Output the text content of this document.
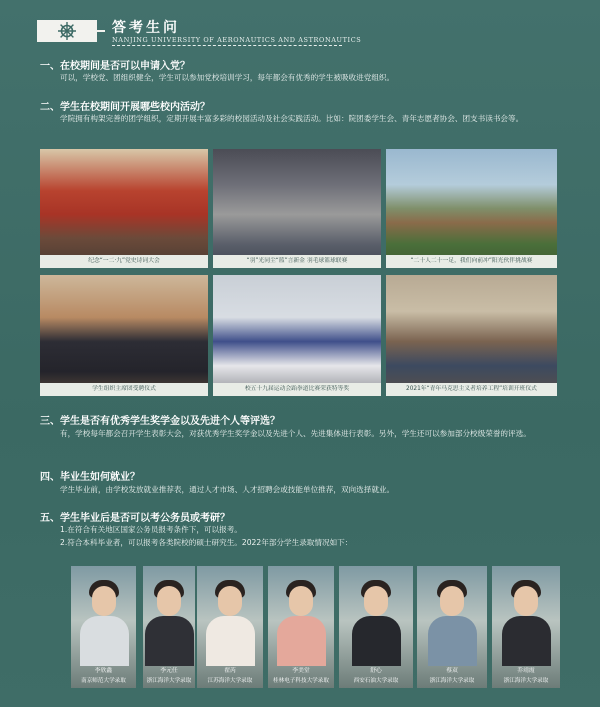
答考生问
NANJING UNIVERSITY OF AERONAUTICS AND ASTRONAUTICS
一、在校期间是否可以申请入党？
可以，学校党、团组织健全，学生可以参加党校培训学习，每年都会有优秀的学生被吸收进党组织。
二、学生在校期间开展哪些校内活动？
学院拥有构架完善的团学组织，定期开展丰富多彩的校园活动及社会实践活动。比如：院团委学生会、青年志愿者协会、团支书读书会等。
纪念“一二·九”党史诗词大会	“羽”光同尘“篮”言新金 羽毛球篮球联赛	“二十人二十一足，我们向前冲”阳光伙伴挑战赛
学生组织主席团受聘仪式	校五十九届运动会跆拳道比赛荣获特等奖	2021年“青年马克思主义者培养工程”培训开班仪式
三、学生是否有优秀学生奖学金以及先进个人等评选？
有，学校每年都会召开学生表彰大会，对获优秀学生奖学金以及先进个人、先进集体进行表彰。另外，学生还可以参加部分校级荣誉的评选。
四、毕业生如何就业？
学生毕业前，由学校发放就业推荐表，通过人才市场、人才招聘会或技能单位推荐，双向选择就业。
五、学生毕业后是否可以考公务员或考研？
1.在符合有关地区国家公务员报考条件下，可以报考。
2.符合本科毕业者，可以报考各类院校的硕士研究生。2022年部分学生录取情况如下：
李欣鑫
南京师范大学录取
李元任
浙江海洋大学录取
翟芮
江苏海洋大学录取
李美堂
桂林电子科技大学录取
舒心
西安石油大学录取
蔡双
浙江海洋大学录取
乔靖霞
浙江海洋大学录取
